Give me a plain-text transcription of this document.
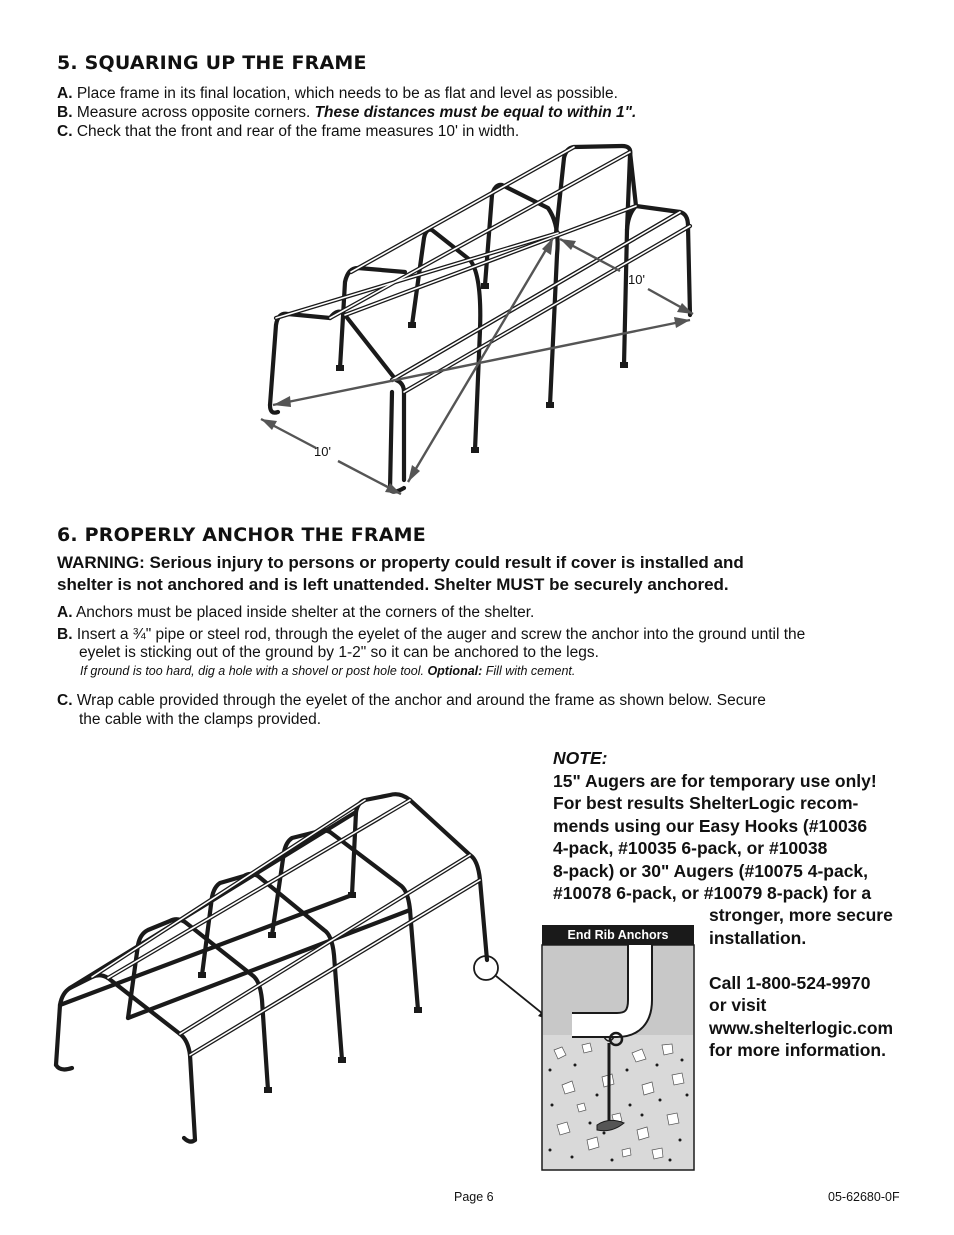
5. SQUARING UP THE FRAME
A. Place frame in its final location, which needs to be as flat and level as possible.
B. Measure across opposite corners. These distances must be equal to within 1".
C. Check that the front and rear of the frame measures 10' in width.
10'
10'
6. PROPERLY ANCHOR THE FRAME
WARNING: Serious injury to persons or property could result if cover is installed and
shelter is not anchored and is left unattended. Shelter MUST be securely anchored.
A. Anchors must be placed inside shelter at the corners of the shelter.
B. Insert a ¾" pipe or steel rod, through the eyelet of the auger and screw the anchor into the ground until the
eyelet is sticking out of the ground by 1-2" so it can be anchored to the legs.
If ground is too hard, dig a hole with a shovel or post hole tool. Optional: Fill with cement.
C. Wrap cable provided through the eyelet of the anchor and around the frame as shown below. Secure
the cable with the clamps provided.
End Rib Anchors
NOTE:
15" Augers are for temporary use only!
For best results ShelterLogic recom-
mends using our Easy Hooks (#10036
4-pack, #10035 6-pack, or #10038
8-pack) or 30" Augers (#10075 4-pack,
#10078 6-pack, or #10079 8-pack) for a
stronger, more secure
installation.
Call 1-800-524-9970
or visit
www.shelterlogic.com
for more information.
Page 6	05-62680-0F
